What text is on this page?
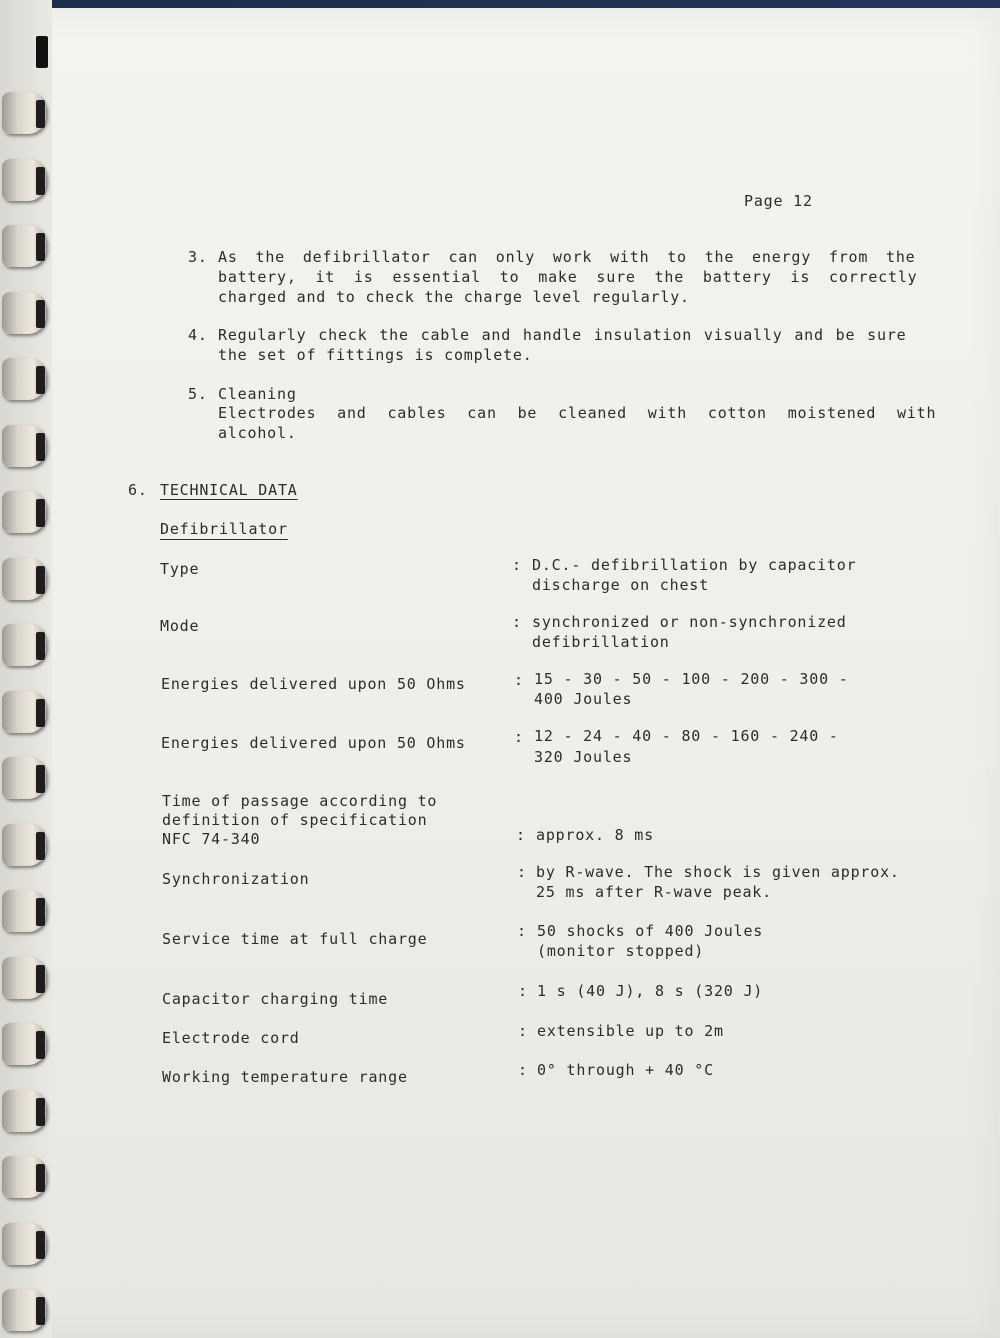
Page 12
3. As the defibrillator can only work with to the energy from the
battery, it is essential to make sure the battery is correctly
charged and to check the charge level regularly.
4. Regularly check the cable and handle insulation visually and be sure
the set of fittings is complete.
5. Cleaning
Electrodes and cables can be cleaned with cotton moistened with
alcohol.
6. TECHNICAL DATA
Defibrillator
Type	: D.C.- defibrillation by capacitor
discharge on chest
Mode	: synchronized or non-synchronized
defibrillation
Energies delivered upon 50 Ohms	: 15 - 30 - 50 - 100 - 200 - 300 -
400 Joules
Energies delivered upon 50 Ohms	: 12 - 24 - 40 - 80 - 160 - 240 -
320 Joules
Time of passage according to
definition of specification
NFC 74-340	: approx. 8 ms
Synchronization	: by R-wave. The shock is given approx.
25 ms after R-wave peak.
Service time at full charge	: 50 shocks of 400 Joules
(monitor stopped)
Capacitor charging time	: 1 s (40 J), 8 s (320 J)
Electrode cord	: extensible up to 2m
Working temperature range	: 0° through + 40 °C
